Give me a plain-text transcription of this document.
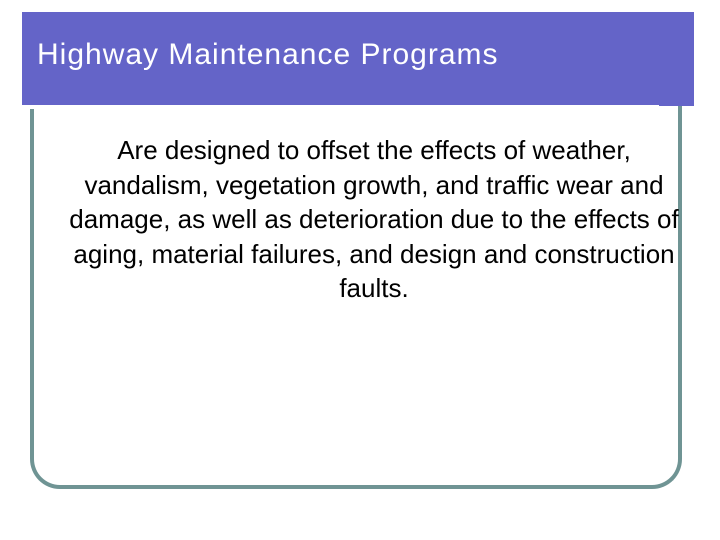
Highway Maintenance Programs

Are designed to offset the effects of weather, vandalism, vegetation growth, and traffic wear and damage, as well as deterioration due to the effects of aging, material failures, and design and construction faults.
